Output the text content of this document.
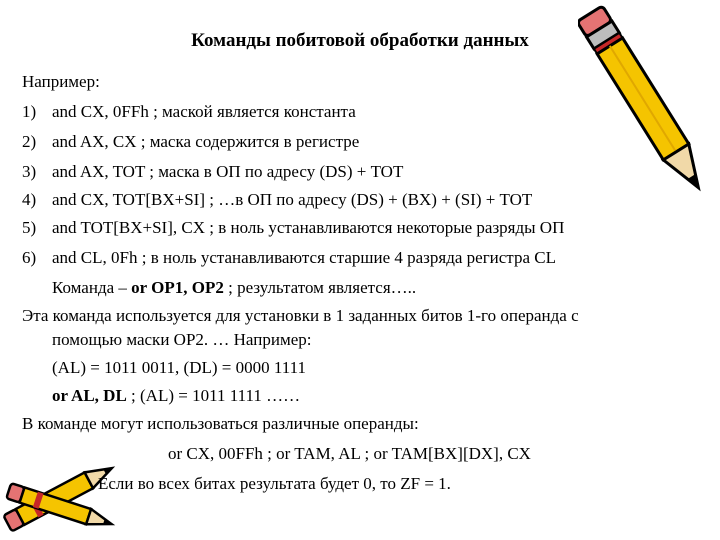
Команды побитовой обработки данных
Например:
1) and CX, 0FFh ; маской является константа
2) and AX, CX ; маска содержится в регистре
3) and AX, TOT ; маска в ОП по адресу (DS) + TOT
4) and CX, TOT[BX+SI] ; …в ОП по адресу (DS) + (BX) + (SI) + TOT
5) and TOT[BX+SI], CX ; в ноль устанавливаются некоторые разряды ОП
6) and CL, 0Fh ; в ноль устанавливаются старшие 4 разряда регистра CL
Команда – or OP1, OP2 ; результатом является…..
Эта команда используется для установки в 1 заданных битов 1-го операнда с
помощью маски OP2. … Например:
(AL) = 1011 0011, (DL) = 0000 1111
or AL, DL ; (AL) = 1011 1111 ……
В команде могут использоваться различные операнды:
or CX, 00FFh ; or TAM, AL ; or TAM[BX][DX], CX
Если во всех битах результата будет 0, то ZF = 1.
